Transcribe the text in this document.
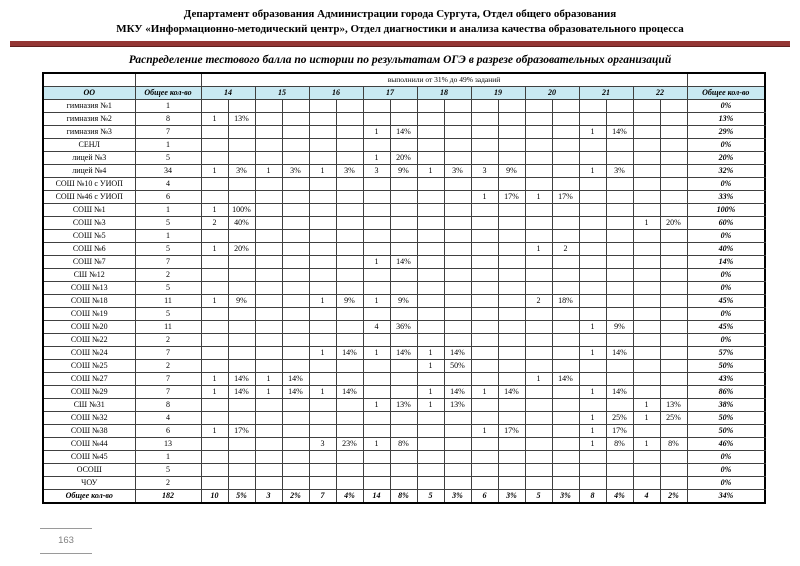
Департамент образования Администрации города Сургута, Отдел общего образования
МКУ «Информационно-методический центр», Отдел диагностики и анализа качества образовательного процесса
Распределение тестового балла по истории по результатам ОГЭ в разрезе образовательных организаций
		выполнили от 31% до 49% заданий																		
ОО	Общее кол-во	14		15		16		17		18		19		20		21		22		Общее кол-во
гимназия №1	1																			0%
гимназия №2	8	1	13%																	13%
гимназия №3	7							1	14%							1	14%			29%
СЕНЛ	1																			0%
лицей №3	5							1	20%											20%
лицей №4	34	1	3%	1	3%	1	3%	3	9%	1	3%	3	9%			1	3%			32%
СОШ №10 с УИОП	4																			0%
СОШ №46 с УИОП	6											1	17%	1	17%					33%
СОШ №1	1	1	100%																	100%
СОШ №3	5	2	40%															1	20%	60%
СОШ №5	1																			0%
СОШ №6	5	1	20%											1	2					40%
СОШ №7	7							1	14%											14%
СШ №12	2																			0%
СОШ №13	5																			0%
СОШ №18	11	1	9%			1	9%	1	9%					2	18%					45%
СОШ №19	5																			0%
СОШ №20	11							4	36%							1	9%			45%
СОШ №22	2																			0%
СОШ №24	7					1	14%	1	14%	1	14%					1	14%			57%
СОШ №25	2									1	50%									50%
СОШ №27	7	1	14%	1	14%									1	14%					43%
СОШ №29	7	1	14%	1	14%	1	14%			1	14%	1	14%			1	14%			86%
СШ №31	8							1	13%	1	13%							1	13%	38%
СОШ №32	4															1	25%	1	25%	50%
СОШ №38	6	1	17%									1	17%			1	17%			50%
СОШ №44	13					3	23%	1	8%							1	8%	1	8%	46%
СОШ №45	1																			0%
ОСОШ	5																			0%
ЧОУ	2																			0%
Общее кол-во	182	10	5%	3	2%	7	4%	14	8%	5	3%	6	3%	5	3%	8	4%	4	2%	34%
163
